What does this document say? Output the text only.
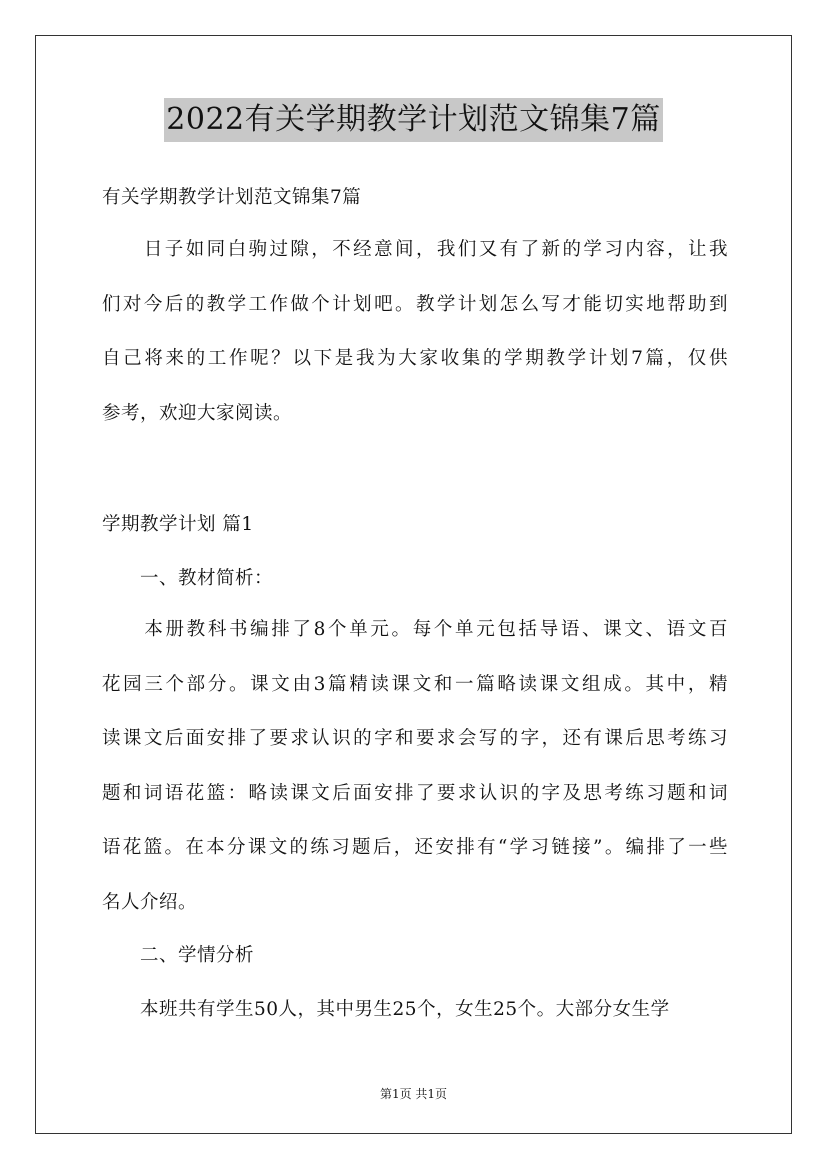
2022有关学期教学计划范文锦集7篇

有关学期教学计划范文锦集7篇

　　日子如同白驹过隙，不经意间，我们又有了新的学习内容，让我
们对今后的教学工作做个计划吧。教学计划怎么写才能切实地帮助到
自己将来的工作呢？以下是我为大家收集的学期教学计划7篇，仅供
参考，欢迎大家阅读。

学期教学计划 篇1

　　一、教材简析：

　　本册教科书编排了8个单元。每个单元包括导语、课文、语文百
花园三个部分。课文由3篇精读课文和一篇略读课文组成。其中，精
读课文后面安排了要求认识的字和要求会写的字，还有课后思考练习
题和词语花篮：略读课文后面安排了要求认识的字及思考练习题和词
语花篮。在本分课文的练习题后，还安排有“学习链接”。编排了一些
名人介绍。

　　二、学情分析

　　本班共有学生50人，其中男生25个，女生25个。大部分女生学

第1页 共1页
